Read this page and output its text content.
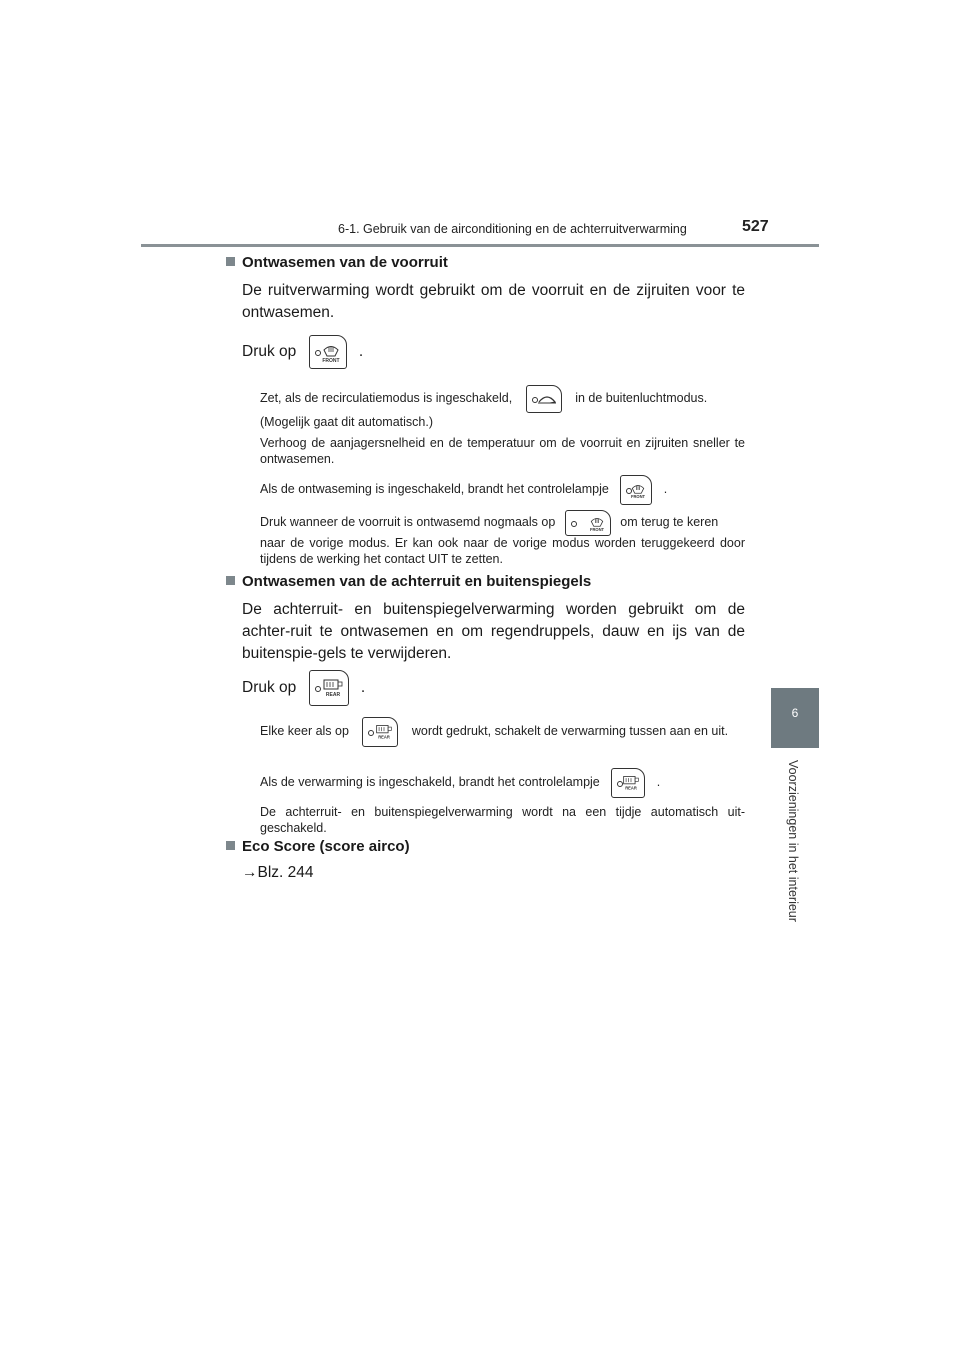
6-1. Gebruik van de airconditioning en de achterruitverwarming	527
6
Voorzieningen in het interieur
Ontwasemen van de voorruit
De ruitverwarming wordt gebruikt om de voorruit en de zijruiten voor te ontwasemen.
Druk op
FRONT
.
Zet, als de recirculatiemodus is ingeschakeld,	in de buitenluchtmodus.
(Mogelijk gaat dit automatisch.)
Verhoog de aanjagersnelheid en de temperatuur om de voorruit en zijruiten sneller te ontwasemen.
Als de ontwaseming is ingeschakeld, brandt het controlelampje
FRONT
.
Druk wanneer de voorruit is ontwasemd nogmaals op
FRONT
om terug te keren
naar de vorige modus. Er kan ook naar de vorige modus worden teruggekeerd door tijdens de werking het contact UIT te zetten.
Ontwasemen van de achterruit en buitenspiegels
De achterruit- en buitenspiegelverwarming worden gebruikt om de achter-ruit te ontwasemen en om regendruppels, dauw en ijs van de buitenspie-gels te verwijderen.
Druk op	REAR .
Elke keer als op	REAR wordt gedrukt, schakelt de verwarming tussen aan en uit.
Als de verwarming is ingeschakeld, brandt het controlelampje	REAR .
De achterruit- en buitenspiegelverwarming wordt na een tijdje automatisch uit-geschakeld.
Eco Score (score airco)
→Blz. 244
